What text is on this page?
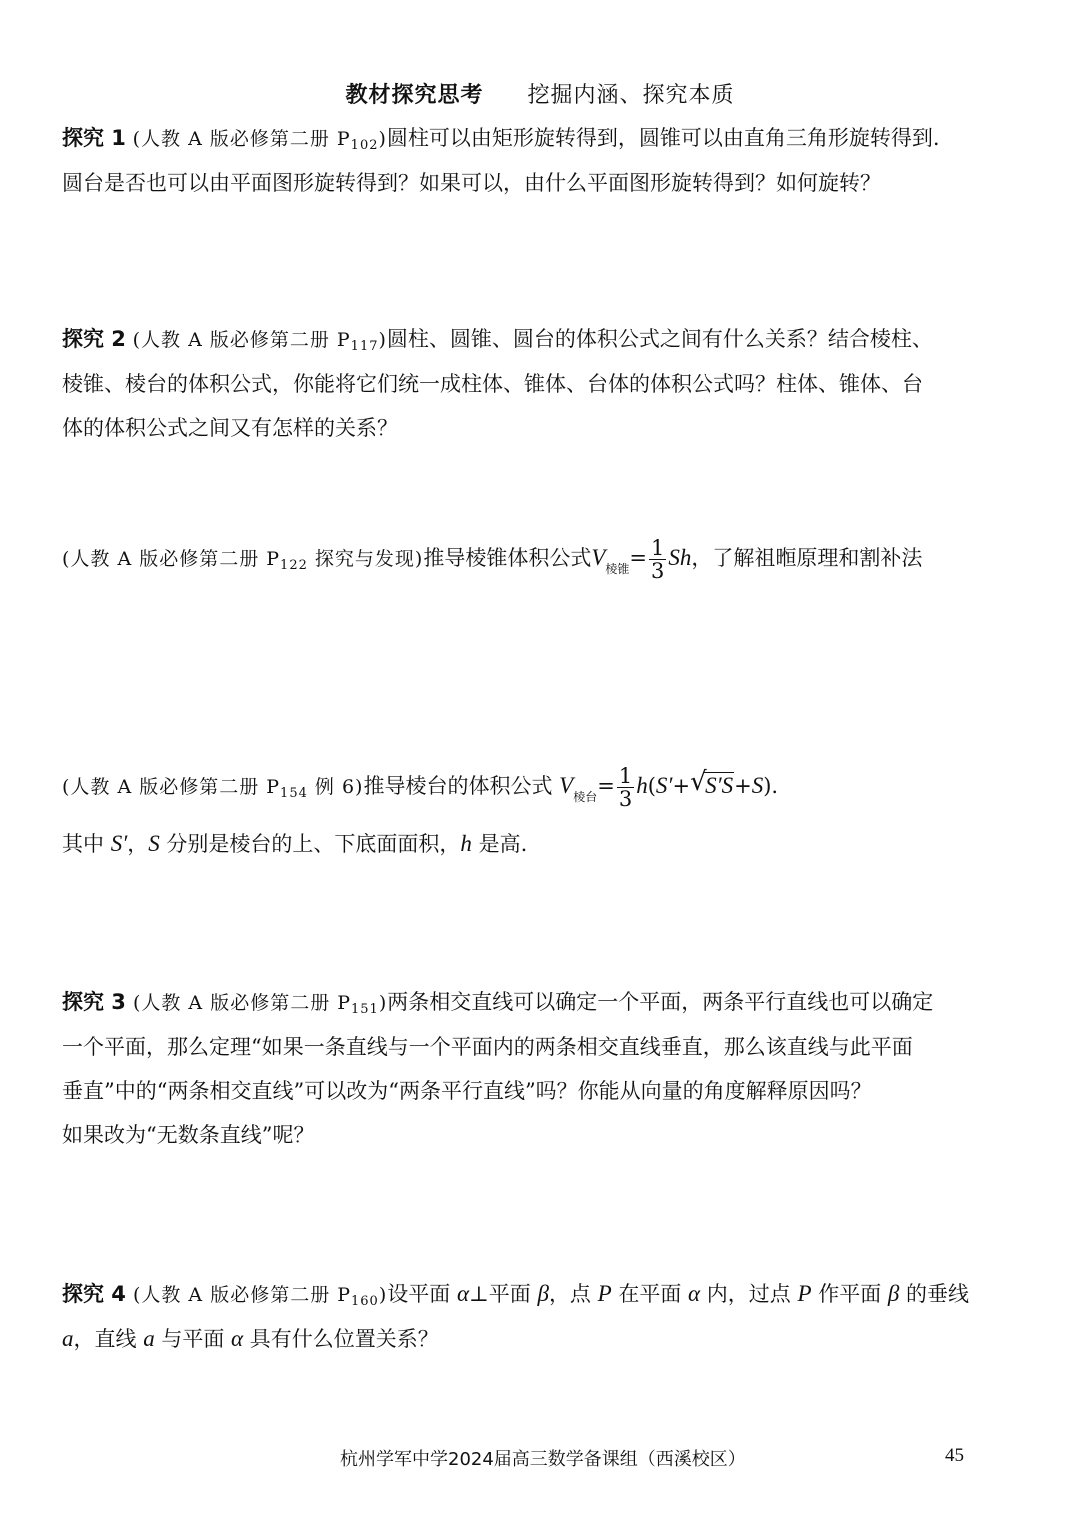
教材探究思考 挖掘内涵、探究本质
探究 1 (人教 A 版必修第二册 $P_{102}$)圆柱可以由矩形旋转得到，圆锥可以由直角三角形旋转得到.
圆台是否也可以由平面图形旋转得到？如果可以，由什么平面图形旋转得到？如何旋转？
探究 2 (人教 A 版必修第二册 $P_{117}$)圆柱、圆锥、圆台的体积公式之间有什么关系？结合棱柱、
棱锥、棱台的体积公式，你能将它们统一成柱体、锥体、台体的体积公式吗？柱体、锥体、台
体的体积公式之间又有怎样的关系？
(人教 A 版必修第二册 $P_{122}$ 探究与发现)推导棱锥体积公式$V_{棱锥}= \frac{1}{3}$ Sh，了解祖暅原理和割补法
(人教 A 版必修第二册 $P_{154}$ 例 6)推导棱台的体积公式 $V_{棱台}= \frac{1}{3} h(S'+√$ S′S+S).
其中 S′，S 分别是棱台的上、下底面面积，h 是高.
探究 3 (人教 A 版必修第二册 $P_{151}$)两条相交直线可以确定一个平面，两条平行直线也可以确定
一个平面，那么定理“如果一条直线与一个平面内的两条相交直线垂直，那么该直线与此平面
垂直”中的“两条相交直线”可以改为“两条平行直线”吗？你能从向量的角度解释原因吗？
如果改为“无数条直线”呢？
探究 4 (人教 A 版必修第二册 $P_{160}$)设平面 α⊥平面 β，点 P 在平面 α 内，过点 P 作平面 β 的垂线
a，直线 a 与平面 α 具有什么位置关系？
杭州学军中学2024届高三数学备课组（西溪校区）	45
